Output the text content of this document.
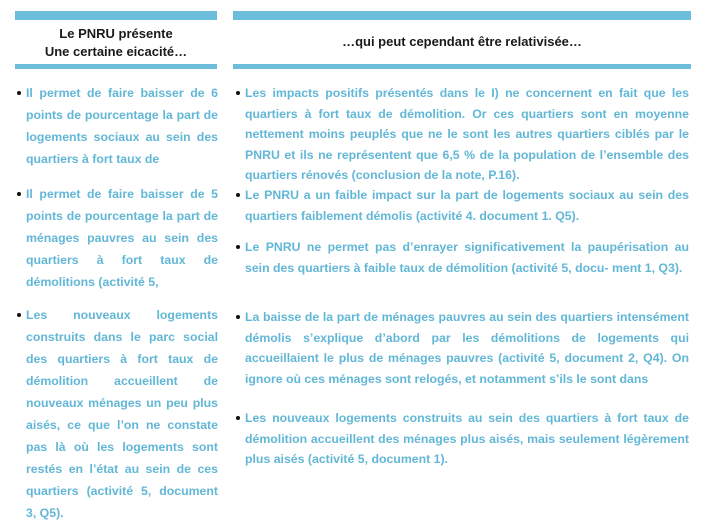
Le PNRU présente
Une certaine eicacité…
Il permet de faire baisser de 6 points de pourcentage la part de logements sociaux au sein des quartiers à fort taux de
Il permet de faire baisser de 5 points de pourcentage la part de ménages pauvres au sein des quartiers à fort taux de démolitions (activité 5,
Les nouveaux logements construits dans le parc social des quartiers à fort taux de démolition accueillent de nouveaux ménages un peu plus aisés, ce que l’on ne constate pas là où les logements sont restés en l’état au sein de ces quartiers (activité 5, document 3, Q5).
…qui peut cependant être relativisée…
Les impacts positifs présentés dans le I) ne concernent en fait que les quartiers à fort taux de démolition. Or ces quartiers sont en moyenne nettement moins peuplés que ne le sont les autres quartiers ciblés par le PNRU et ils ne représentent que 6,5 % de la population de l’ensemble des quartiers rénovés (conclusion de la note, P.16).
Le PNRU a un faible impact sur la part de logements sociaux au sein des quartiers faiblement démolis (activité 4. document 1. Q5).
Le PNRU ne permet pas d’enrayer significativement la paupérisation au sein des quartiers à faible taux de démolition (activité 5, docu- ment 1, Q3).
La baisse de la part de ménages pauvres au sein des quartiers intensément démolis s’explique d’abord par les démolitions de logements qui accueillaient le plus de ménages pauvres (activité 5, document 2, Q4). On ignore où ces ménages sont relogés, et notamment s’ils le sont dans
Les nouveaux logements construits au sein des quartiers à fort taux de démolition accueillent des ménages plus aisés, mais seulement légèrement plus aisés (activité 5, document 1).
